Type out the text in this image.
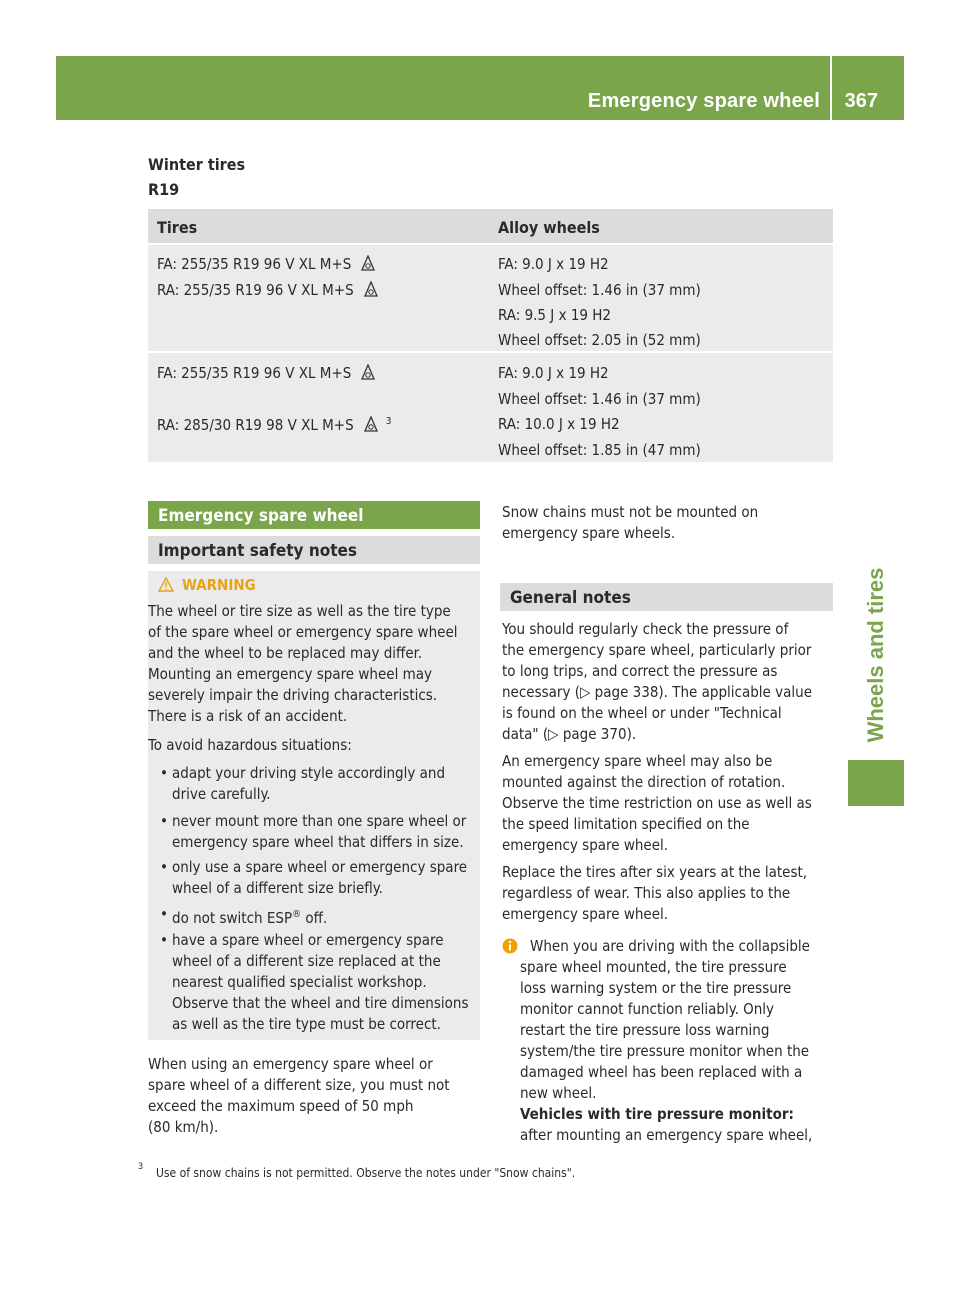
Emergency spare wheel 367
Wheels and tires
Winter tires
R19
Tires	Alloy wheels
FA: 255/35 R19 96 V XL M+S
RA: 255/35 R19 96 V XL M+S
FA: 9.0 J x 19 H2
Wheel offset: 1.46 in (37 mm)
RA: 9.5 J x 19 H2
Wheel offset: 2.05 in (52 mm)
FA: 255/35 R19 96 V XL M+S
RA: 285/30 R19 98 V XL M+S	$^3$
FA: 9.0 J x 19 H2
Wheel offset: 1.46 in (37 mm)
RA: 10.0 J x 19 H2
Wheel offset: 1.85 in (47 mm)
Emergency spare wheel
Important safety notes
WARNING
The wheel or tire size as well as the tire type
of the spare wheel or emergency spare wheel
and the wheel to be replaced may differ.
Mounting an emergency spare wheel may
severely impair the driving characteristics.
There is a risk of an accident.
To avoid hazardous situations:
• adapt your driving style accordingly and
drive carefully.
• never mount more than one spare wheel or
emergency spare wheel that differs in size.
• only use a spare wheel or emergency spare
wheel of a different size briefly.
• do not switch ESP® off.
• have a spare wheel or emergency spare
wheel of a different size replaced at the
nearest qualified specialist workshop.
Observe that the wheel and tire dimensions
as well as the tire type must be correct.
When using an emergency spare wheel or
spare wheel of a different size, you must not
exceed the maximum speed of 50 mph
(80 km/h).
Snow chains must not be mounted on
emergency spare wheels.
General notes
You should regularly check the pressure of
the emergency spare wheel, particularly prior
to long trips, and correct the pressure as
necessary (▷ page 338). The applicable value
is found on the wheel or under "Technical
data" (▷ page 370).
An emergency spare wheel may also be
mounted against the direction of rotation.
Observe the time restriction on use as well as
the speed limitation specified on the
emergency spare wheel.
Replace the tires after six years at the latest,
regardless of wear. This also applies to the
emergency spare wheel.
When you are driving with the collapsible
spare wheel mounted, the tire pressure
loss warning system or the tire pressure
monitor cannot function reliably. Only
restart the tire pressure loss warning
system/the tire pressure monitor when the
damaged wheel has been replaced with a
new wheel.
Vehicles with tire pressure monitor:
after mounting an emergency spare wheel,
3 Use of snow chains is not permitted. Observe the notes under "Snow chains".
